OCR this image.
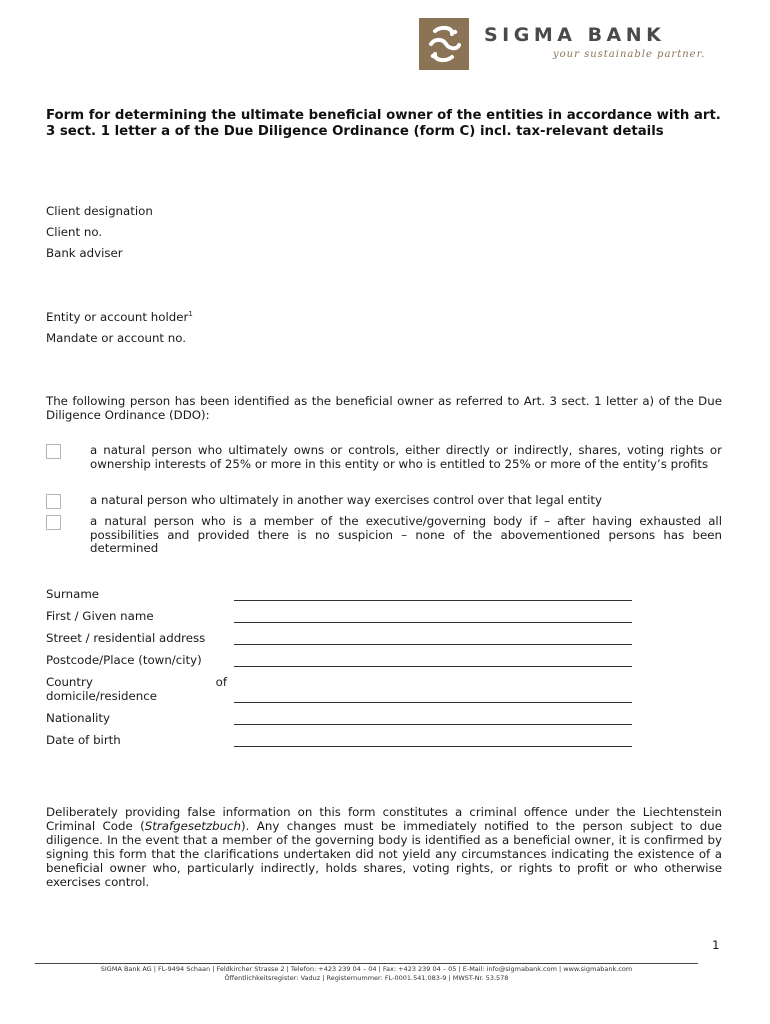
SIGMA BANK
your sustainable partner.
Form for determining the ultimate beneficial owner of the entities in accordance with art. 3 sect. 1 letter a of the Due Diligence Ordinance (form C) incl. tax-relevant details
Client designation
Client no.
Bank adviser
Entity or account holder$^1$
Mandate or account no.
The following person has been identified as the beneficial owner as referred to Art. 3 sect. 1 letter a) of the Due Diligence Ordinance (DDO):
a natural person who ultimately owns or controls, either directly or indirectly, shares, voting rights or ownership interests of 25% or more in this entity or who is entitled to 25% or more of the entity’s profits
a natural person who ultimately in another way exercises control over that legal entity
a natural person who is a member of the executive/governing body if – after having exhausted all possibilities and provided there is no suspicion – none of the abovementioned persons has been determined
Surname
First / Given name
Street / residential address
Postcode/Place (town/city)
Country	of
domicile/residence
Nationality
Date of birth
Deliberately providing false information on this form constitutes a criminal offence under the Liechtenstein Criminal Code (Strafgesetzbuch). Any changes must be immediately notified to the person subject to due diligence. In the event that a member of the governing body is identified as a beneficial owner, it is confirmed by signing this form that the clarifications undertaken did not yield any circumstances indicating the existence of a beneficial owner who, particularly indirectly, holds shares, voting rights, or rights to profit or who otherwise exercises control.
1
SIGMA Bank AG | FL-9494 Schaan | Feldkircher Strasse 2 | Telefon: +423 239 04 – 04 | Fax: +423 239 04 – 05 | E-Mail: info@sigmabank.com | www.sigmabank.com
Öffentlichkeitsregister: Vaduz | Registernummer: FL-0001.541.083-9 | MWST-Nr. 53.578
